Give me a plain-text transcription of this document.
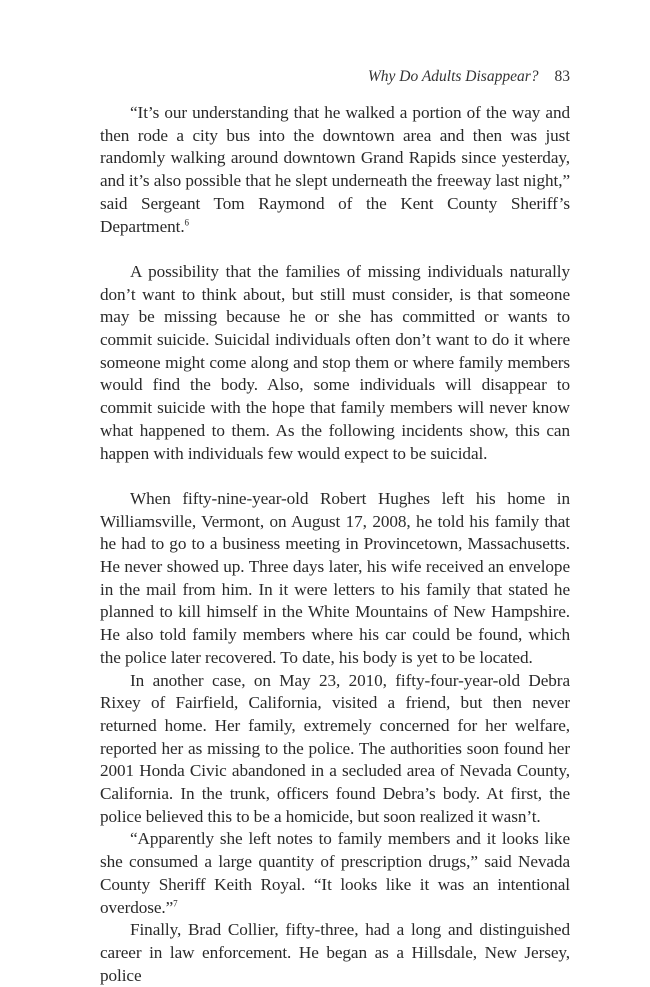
Why Do Adults Disappear? 83

“It’s our understanding that he walked a portion of the way and then rode a city bus into the downtown area and then was just randomly walking around downtown Grand Rapids since yesterday, and it’s also possible that he slept underneath the freeway last night,” said Sergeant Tom Raymond of the Kent County Sheriff’s Department.$^6$

A possibility that the families of missing individuals naturally don’t want to think about, but still must consider, is that someone may be missing because he or she has committed or wants to commit suicide. Suicidal individuals often don’t want to do it where someone might come along and stop them or where family members would find the body. Also, some individuals will disappear to commit suicide with the hope that family members will never know what happened to them. As the following incidents show, this can happen with individuals few would expect to be suicidal.

When fifty-nine-year-old Robert Hughes left his home in Williamsville, Vermont, on August 17, 2008, he told his family that he had to go to a business meeting in Provincetown, Massachusetts. He never showed up. Three days later, his wife received an envelope in the mail from him. In it were letters to his family that stated he planned to kill himself in the White Mountains of New Hampshire. He also told family members where his car could be found, which the police later recovered. To date, his body is yet to be located.

In another case, on May 23, 2010, fifty-four-year-old Debra Rixey of Fairfield, California, visited a friend, but then never returned home. Her family, extremely concerned for her welfare, reported her as missing to the police. The authorities soon found her 2001 Honda Civic abandoned in a secluded area of Nevada County, California. In the trunk, officers found Debra’s body. At first, the police believed this to be a homicide, but soon realized it wasn’t.

“Apparently she left notes to family members and it looks like she consumed a large quantity of prescription drugs,” said Nevada County Sheriff Keith Royal. “It looks like it was an intentional overdose.”$^7$

Finally, Brad Collier, fifty-three, had a long and distinguished career in law enforcement. He began as a Hillsdale, New Jersey, police
